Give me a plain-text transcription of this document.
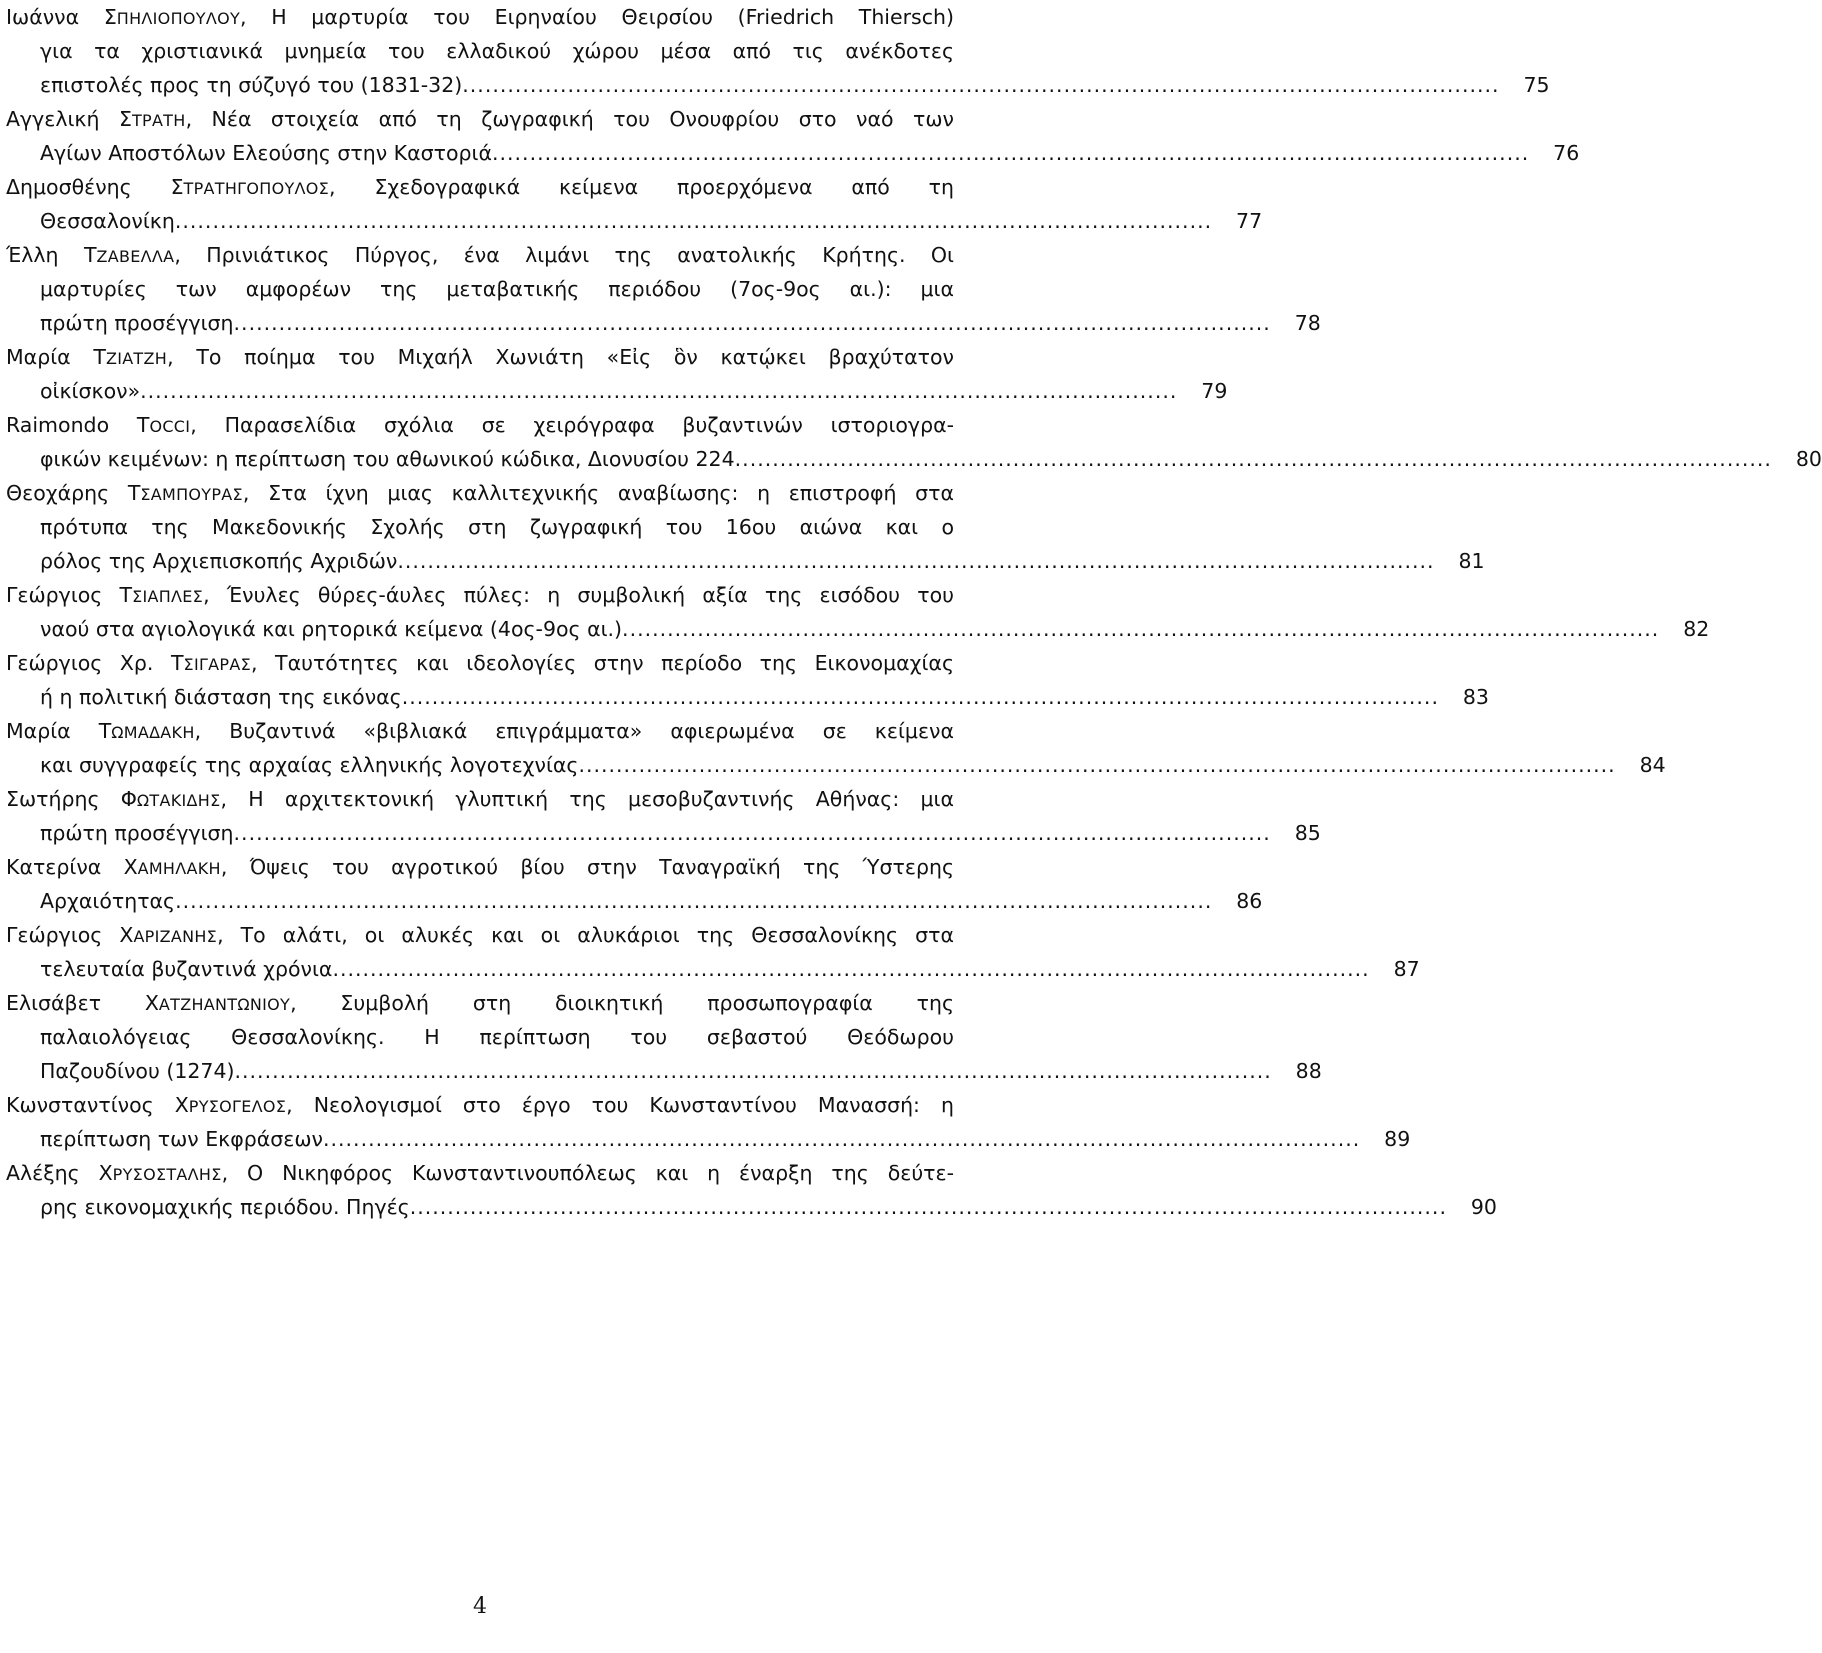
Ιωάννα ΣΠΗΛΙΟΠΟΥΛΟΥ, Η μαρτυρία του Ειρηναίου Θειρσίου (Friedrich Thiersch)
για τα χριστιανικά μνημεία του ελλαδικού χώρου μέσα από τις ανέκδοτες
επιστολές προς τη σύζυγό του (1831-32) ..........................................................................................................................................	75
Αγγελική ΣΤΡΑΤΗ, Νέα στοιχεία από τη ζωγραφική του Ονουφρίου στο ναό των
Αγίων Αποστόλων Ελεούσης στην Καστοριά ..........................................................................................................................................	76
Δημοσθένης ΣΤΡΑΤΗΓΟΠΟΥΛΟΣ, Σχεδογραφικά κείμενα προερχόμενα από τη
Θεσσαλονίκη ..........................................................................................................................................	77
Έλλη ΤΖΑΒΕΛΛΑ, Πρινιάτικος Πύργος, ένα λιμάνι της ανατολικής Κρήτης. Οι
μαρτυρίες των αμφορέων της μεταβατικής περιόδου (7ος-9ος αι.): μια
πρώτη προσέγγιση ..........................................................................................................................................	78
Μαρία ΤΖΙΑΤΖΗ, Το ποίημα του Μιχαήλ Χωνιάτη «Εἰς ὃν κατῴκει βραχύτατον
οἰκίσκον» ..........................................................................................................................................	79
Raimondo TOCCI, Παρασελίδια σχόλια σε χειρόγραφα βυζαντινών ιστοριογρα-
φικών κειμένων: η περίπτωση του αθωνικού κώδικα, Διονυσίου 224 ..........................................................................................................................................	80
Θεοχάρης ΤΣΑΜΠΟΥΡΑΣ, Στα ίχνη μιας καλλιτεχνικής αναβίωσης: η επιστροφή στα
πρότυπα της Μακεδονικής Σχολής στη ζωγραφική του 16ου αιώνα και ο
ρόλος της Αρχιεπισκοπής Αχριδών ..........................................................................................................................................	81
Γεώργιος ΤΣΙΑΠΛΕΣ, Ένυλες θύρες-άυλες πύλες: η συμβολική αξία της εισόδου του
ναού στα αγιολογικά και ρητορικά κείμενα (4ος-9ος αι.) ..........................................................................................................................................	82
Γεώργιος Χρ. ΤΣΙΓΑΡΑΣ, Ταυτότητες και ιδεολογίες στην περίοδο της Εικονομαχίας
ή η πολιτική διάσταση της εικόνας ..........................................................................................................................................	83
Μαρία ΤΩΜΑΔΑΚΗ, Βυζαντινά «βιβλιακά επιγράμματα» αφιερωμένα σε κείμενα
και συγγραφείς της αρχαίας ελληνικής λογοτεχνίας ..........................................................................................................................................	84
Σωτήρης ΦΩΤΑΚΙΔΗΣ, Η αρχιτεκτονική γλυπτική της μεσοβυζαντινής Αθήνας: μια
πρώτη προσέγγιση ..........................................................................................................................................	85
Κατερίνα ΧΑΜΗΛΑΚΗ, Όψεις του αγροτικού βίου στην Ταναγραϊκή της Ύστερης
Αρχαιότητας ..........................................................................................................................................	86
Γεώργιος ΧΑΡΙΖΑΝΗΣ, Το αλάτι, οι αλυκές και οι αλυκάριοι της Θεσσαλονίκης στα
τελευταία βυζαντινά χρόνια ..........................................................................................................................................	87
Ελισάβετ ΧΑΤΖΗΑΝΤΩΝΙΟΥ, Συμβολή στη διοικητική προσωπογραφία της
παλαιολόγειας Θεσσαλονίκης. Η περίπτωση του σεβαστού Θεόδωρου
Παζουδίνου (1274) ..........................................................................................................................................	88
Κωνσταντίνος ΧΡΥΣΟΓΕΛΟΣ, Νεολογισμοί στο έργο του Κωνσταντίνου Μανασσή: η
περίπτωση των Εκφράσεων ..........................................................................................................................................	89
Αλέξης ΧΡΥΣΟΣΤΑΛΗΣ, Ο Νικηφόρος Κωνσταντινουπόλεως και η έναρξη της δεύτε-
ρης εικονομαχικής περιόδου. Πηγές ..........................................................................................................................................	90
4
